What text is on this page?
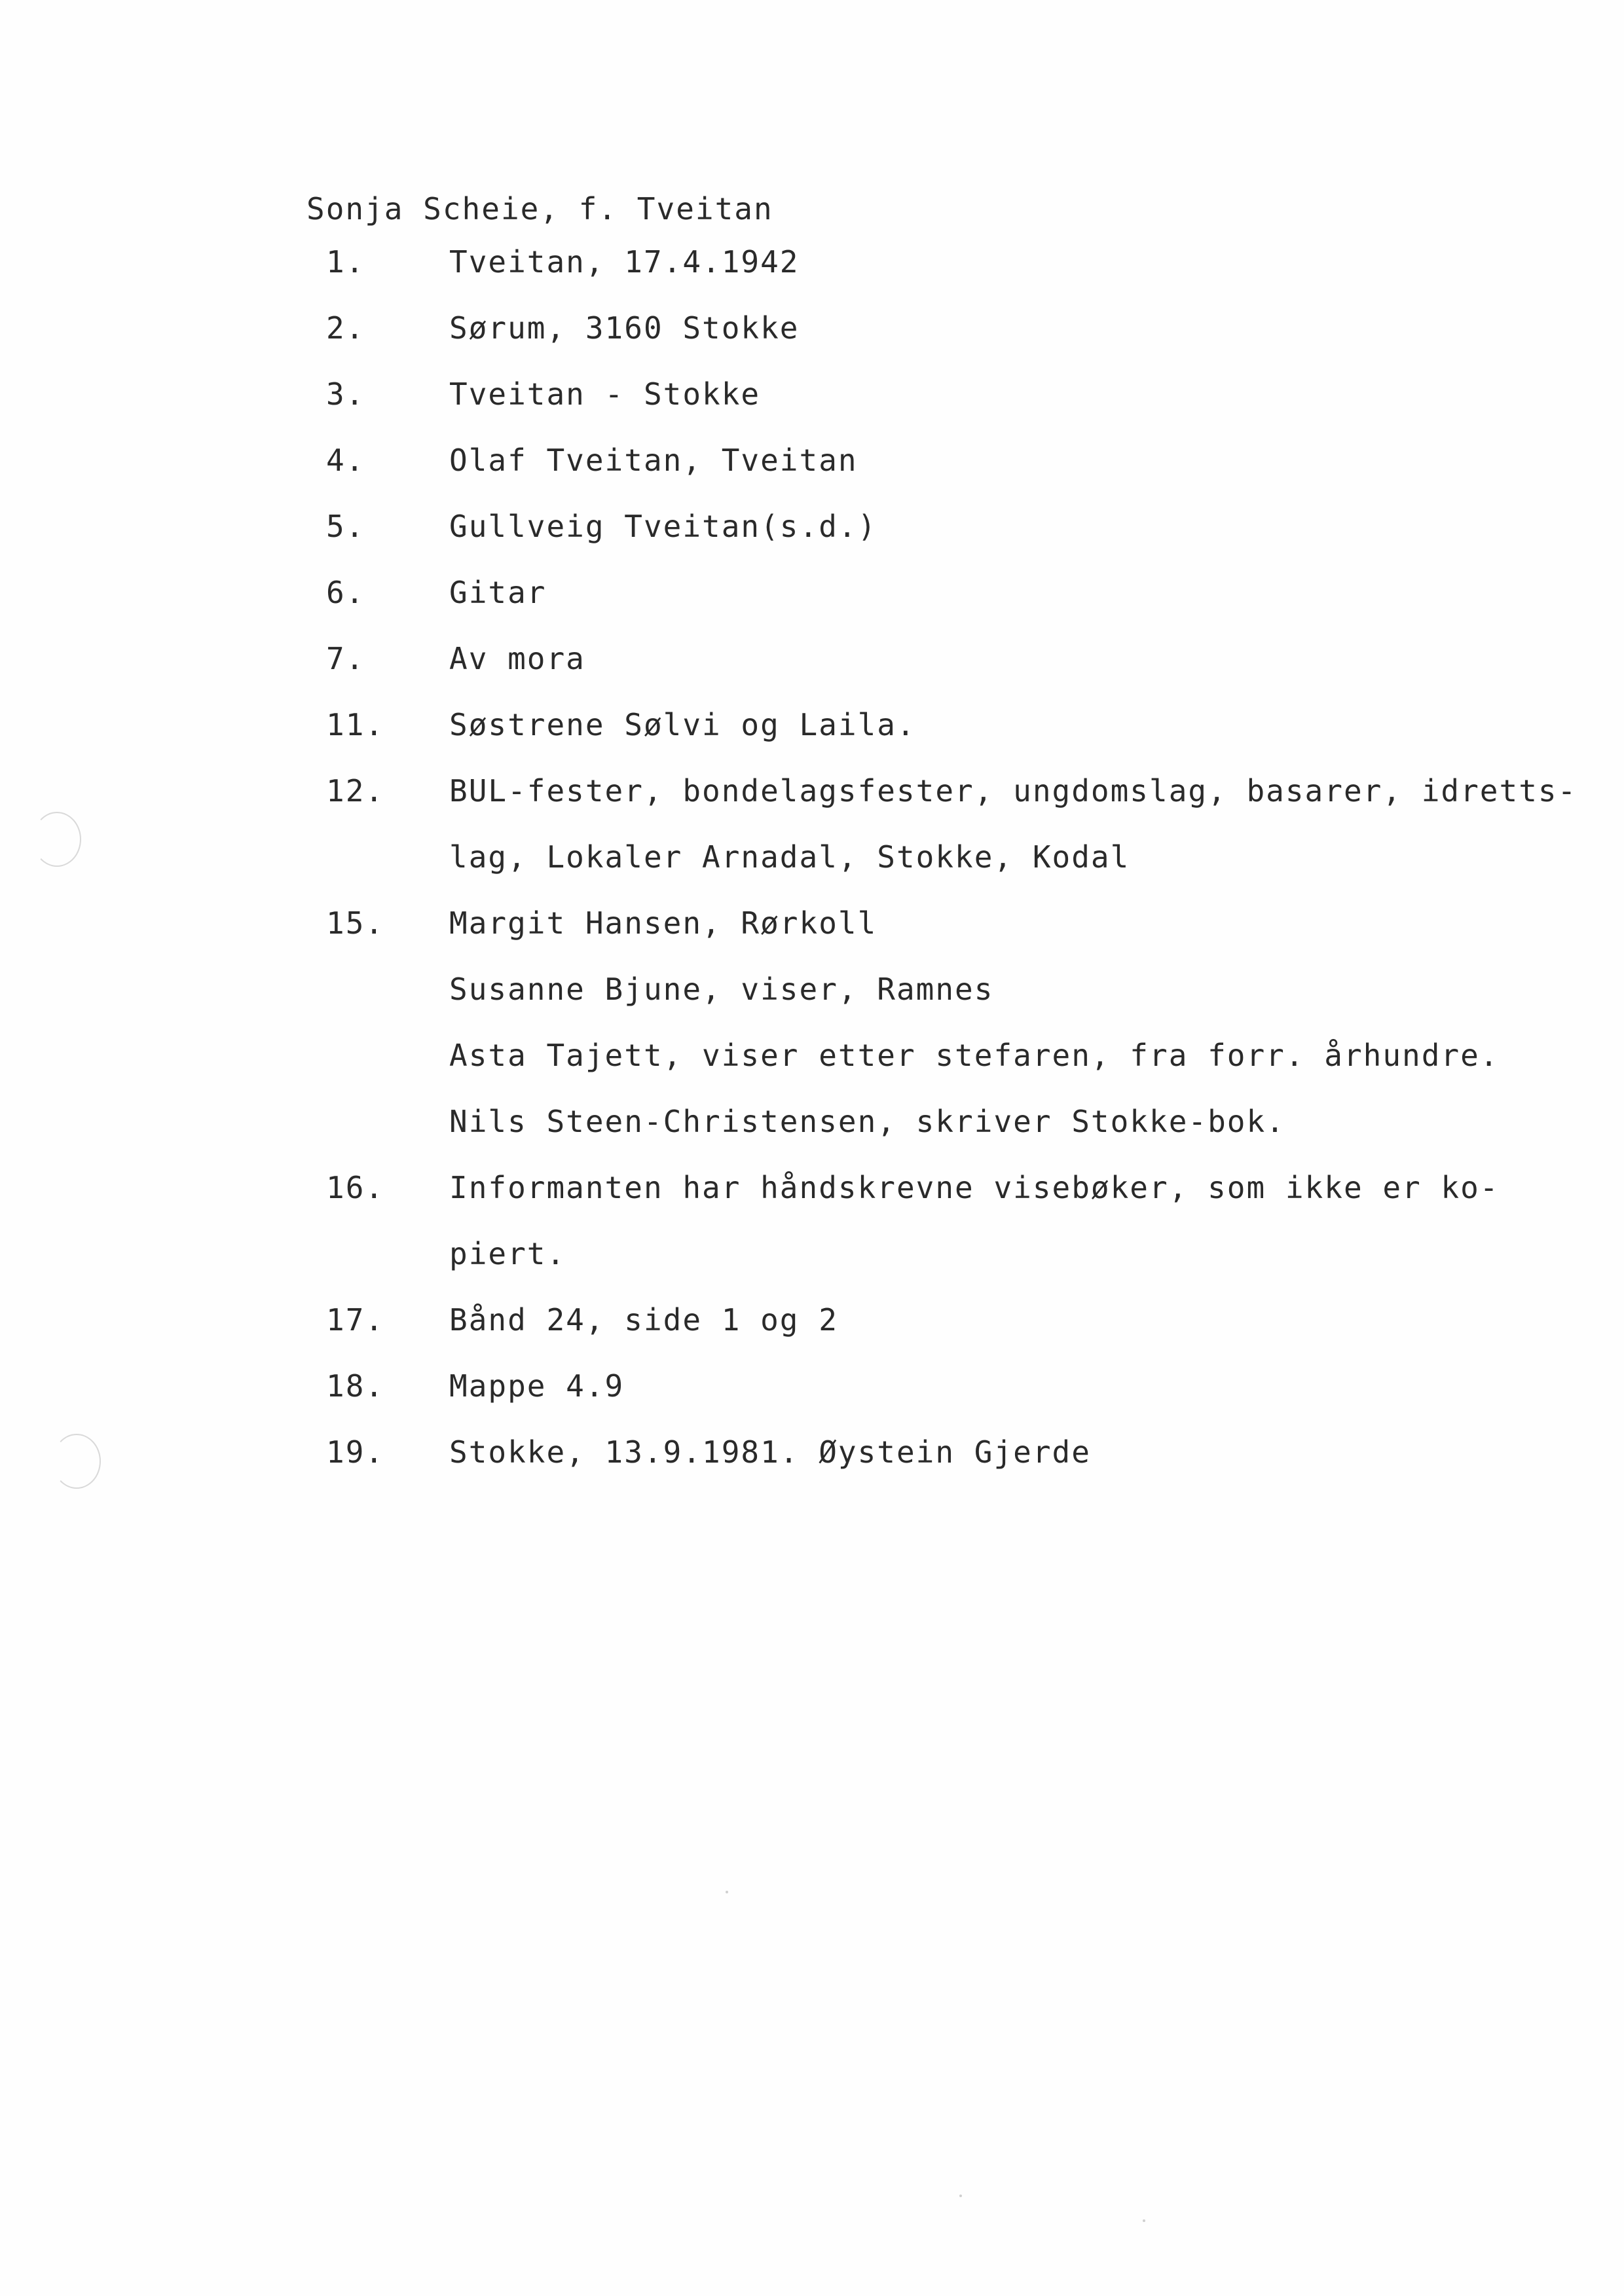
Sonja Scheie, f. Tveitan
1.	Tveitan, 17.4.1942
2.	Sørum, 3160 Stokke
3.	Tveitan - Stokke
4.	Olaf Tveitan, Tveitan
5.	Gullveig Tveitan(s.d.)
6.	Gitar
7.	Av mora
11. Søstrene Sølvi og Laila.
12. BUL-fester, bondelagsfester, ungdomslag, basarer, idretts-
lag, Lokaler Arnadal, Stokke, Kodal
15. Margit Hansen, Rørkoll
Susanne Bjune, viser, Ramnes
Asta Tajett, viser etter stefaren, fra forr. århundre.
Nils Steen-Christensen, skriver Stokke-bok.
16. Informanten har håndskrevne visebøker, som ikke er ko-
piert.
17. Bånd 24, side 1 og 2
18. Mappe 4.9
19. Stokke, 13.9.1981. Øystein Gjerde
